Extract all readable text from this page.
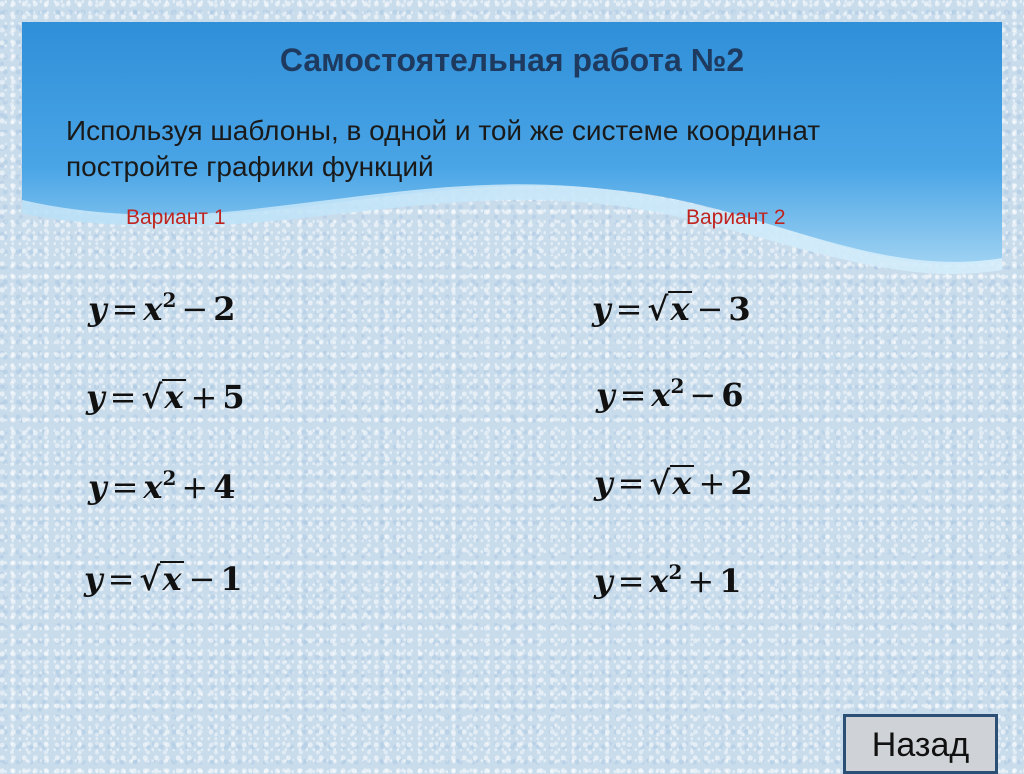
Самостоятельная работа №2

Используя шаблоны, в одной и той же системе координат постройте графики функций

Вариант 1	Вариант 2
$y = x^2 - 2$
y = √x + 5
$y = x^2 + 4$
y = √x − 1
y = √x − 3
$y = x^2 - 6$
y = √x + 2
$y = x^2 + 1$
Назад
